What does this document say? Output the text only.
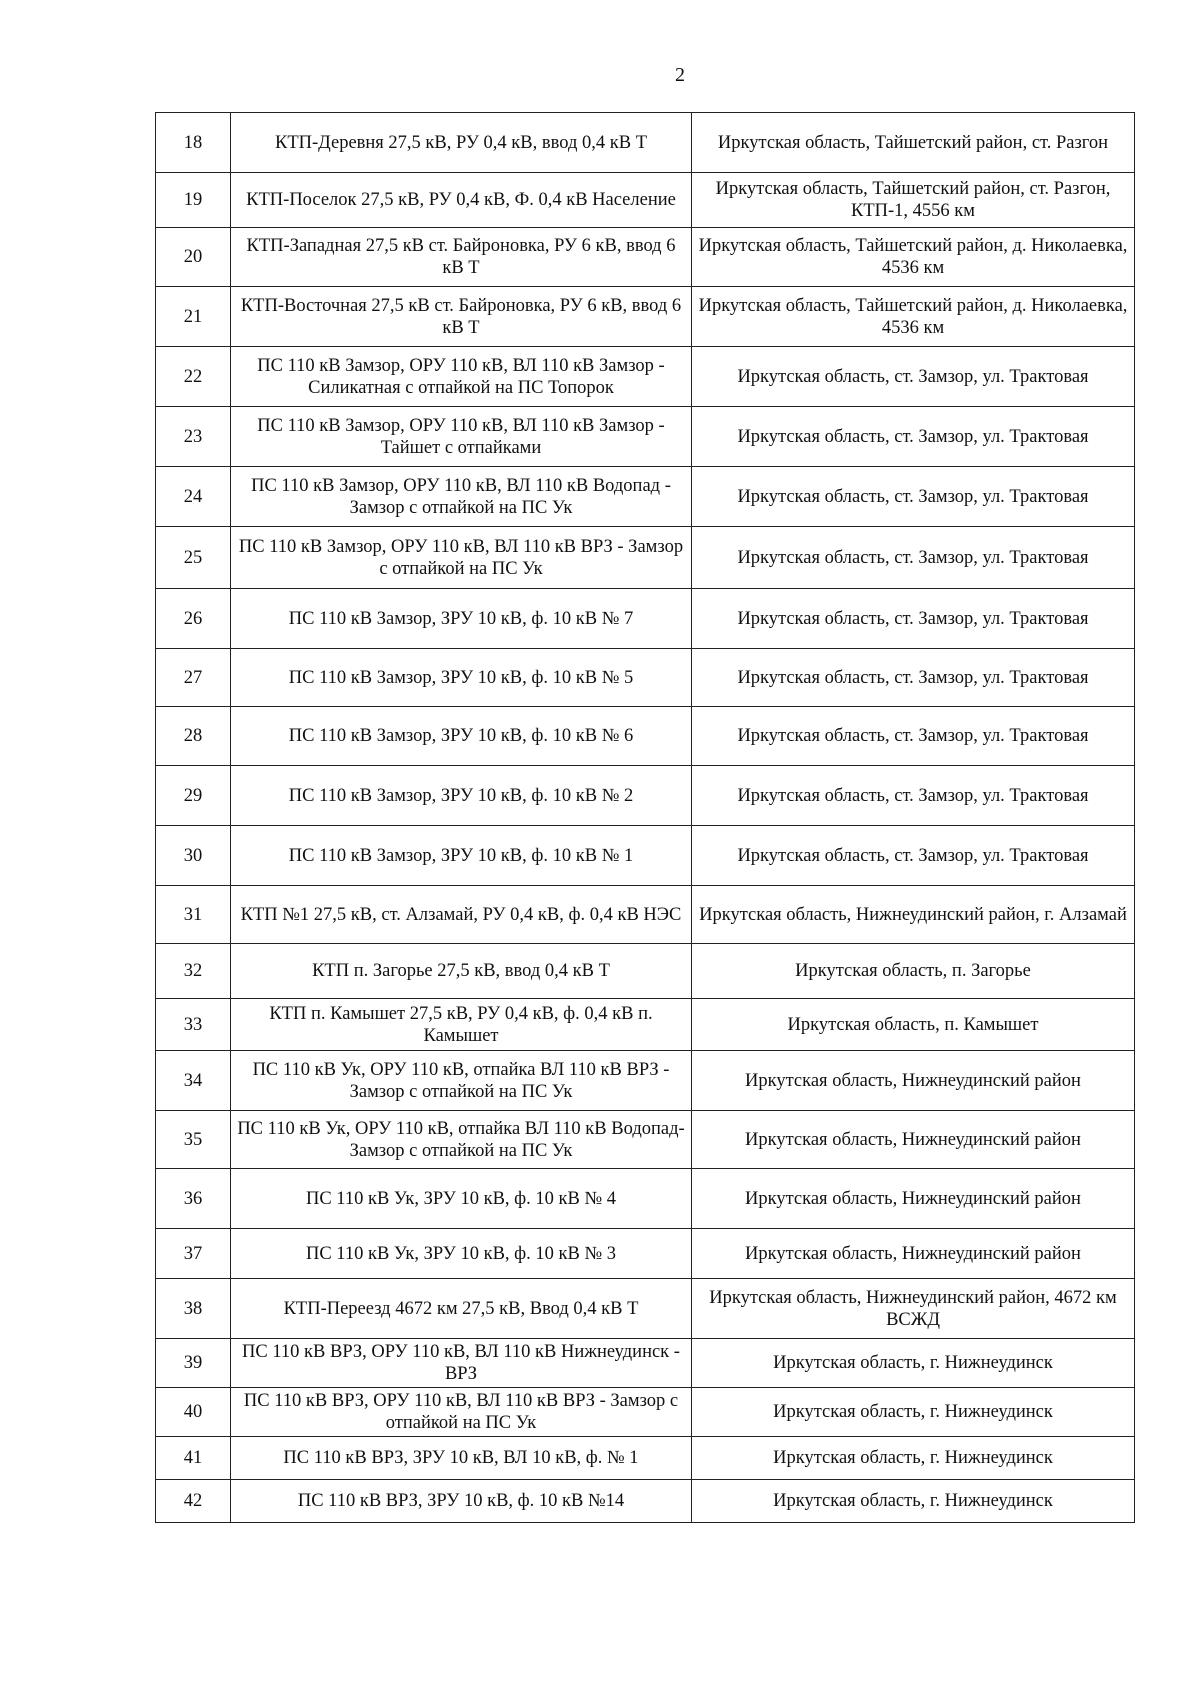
2
18	КТП-Деревня 27,5 кВ, РУ 0,4 кВ, ввод 0,4 кВ Т	Иркутская область, Тайшетский район, ст. Разгон
19	КТП-Поселок 27,5 кВ, РУ 0,4 кВ, Ф. 0,4 кВ Население	Иркутская область, Тайшетский район, ст. Разгон, КТП-1, 4556 км
20	КТП-Западная 27,5 кВ ст. Байроновка, РУ 6 кВ, ввод 6 кВ Т	Иркутская область, Тайшетский район, д. Николаевка, 4536 км
21	КТП-Восточная 27,5 кВ ст. Байроновка, РУ 6 кВ, ввод 6 кВ Т	Иркутская область, Тайшетский район, д. Николаевка, 4536 км
22	ПС 110 кВ Замзор, ОРУ 110 кВ, ВЛ 110 кВ Замзор - Силикатная с отпайкой на ПС Топорок	Иркутская область, ст. Замзор, ул. Трактовая
23	ПС 110 кВ Замзор, ОРУ 110 кВ, ВЛ 110 кВ Замзор - Тайшет с отпайками	Иркутская область, ст. Замзор, ул. Трактовая
24	ПС 110 кВ Замзор, ОРУ 110 кВ, ВЛ 110 кВ Водопад - Замзор с отпайкой на ПС Ук	Иркутская область, ст. Замзор, ул. Трактовая
25	ПС 110 кВ Замзор, ОРУ 110 кВ, ВЛ 110 кВ ВРЗ - Замзор с отпайкой на ПС Ук	Иркутская область, ст. Замзор, ул. Трактовая
26	ПС 110 кВ Замзор, ЗРУ 10 кВ, ф. 10 кВ № 7	Иркутская область, ст. Замзор, ул. Трактовая
27	ПС 110 кВ Замзор, ЗРУ 10 кВ, ф. 10 кВ № 5	Иркутская область, ст. Замзор, ул. Трактовая
28	ПС 110 кВ Замзор, ЗРУ 10 кВ, ф. 10 кВ № 6	Иркутская область, ст. Замзор, ул. Трактовая
29	ПС 110 кВ Замзор, ЗРУ 10 кВ, ф. 10 кВ № 2	Иркутская область, ст. Замзор, ул. Трактовая
30	ПС 110 кВ Замзор, ЗРУ 10 кВ, ф. 10 кВ № 1	Иркутская область, ст. Замзор, ул. Трактовая
31	КТП №1 27,5 кВ, ст. Алзамай, РУ 0,4 кВ, ф. 0,4 кВ НЭС	Иркутская область, Нижнеудинский район, г. Алзамай
32	КТП п. Загорье 27,5 кВ, ввод 0,4 кВ Т	Иркутская область, п. Загорье
33	КТП п. Камышет 27,5 кВ, РУ 0,4 кВ, ф. 0,4 кВ п. Камышет	Иркутская область, п. Камышет
34	ПС 110 кВ Ук, ОРУ 110 кВ, отпайка ВЛ 110 кВ ВРЗ - Замзор с отпайкой на ПС Ук	Иркутская область, Нижнеудинский район
35	ПС 110 кВ Ук, ОРУ 110 кВ, отпайка ВЛ 110 кВ Водопад-Замзор с отпайкой на ПС Ук	Иркутская область, Нижнеудинский район
36	ПС 110 кВ Ук, ЗРУ 10 кВ, ф. 10 кВ № 4	Иркутская область, Нижнеудинский район
37	ПС 110 кВ Ук, ЗРУ 10 кВ, ф. 10 кВ № 3	Иркутская область, Нижнеудинский район
38	КТП-Переезд 4672 км 27,5 кВ, Ввод 0,4 кВ Т	Иркутская область, Нижнеудинский район, 4672 км ВСЖД
39	ПС 110 кВ ВРЗ, ОРУ 110 кВ, ВЛ 110 кВ Нижнеудинск - ВРЗ	Иркутская область, г. Нижнеудинск
40	ПС 110 кВ ВРЗ, ОРУ 110 кВ, ВЛ 110 кВ ВРЗ - Замзор с отпайкой на ПС Ук	Иркутская область, г. Нижнеудинск
41	ПС 110 кВ ВРЗ, ЗРУ 10 кВ, ВЛ 10 кВ, ф. № 1	Иркутская область, г. Нижнеудинск
42	ПС 110 кВ ВРЗ, ЗРУ 10 кВ, ф. 10 кВ №14	Иркутская область, г. Нижнеудинск
